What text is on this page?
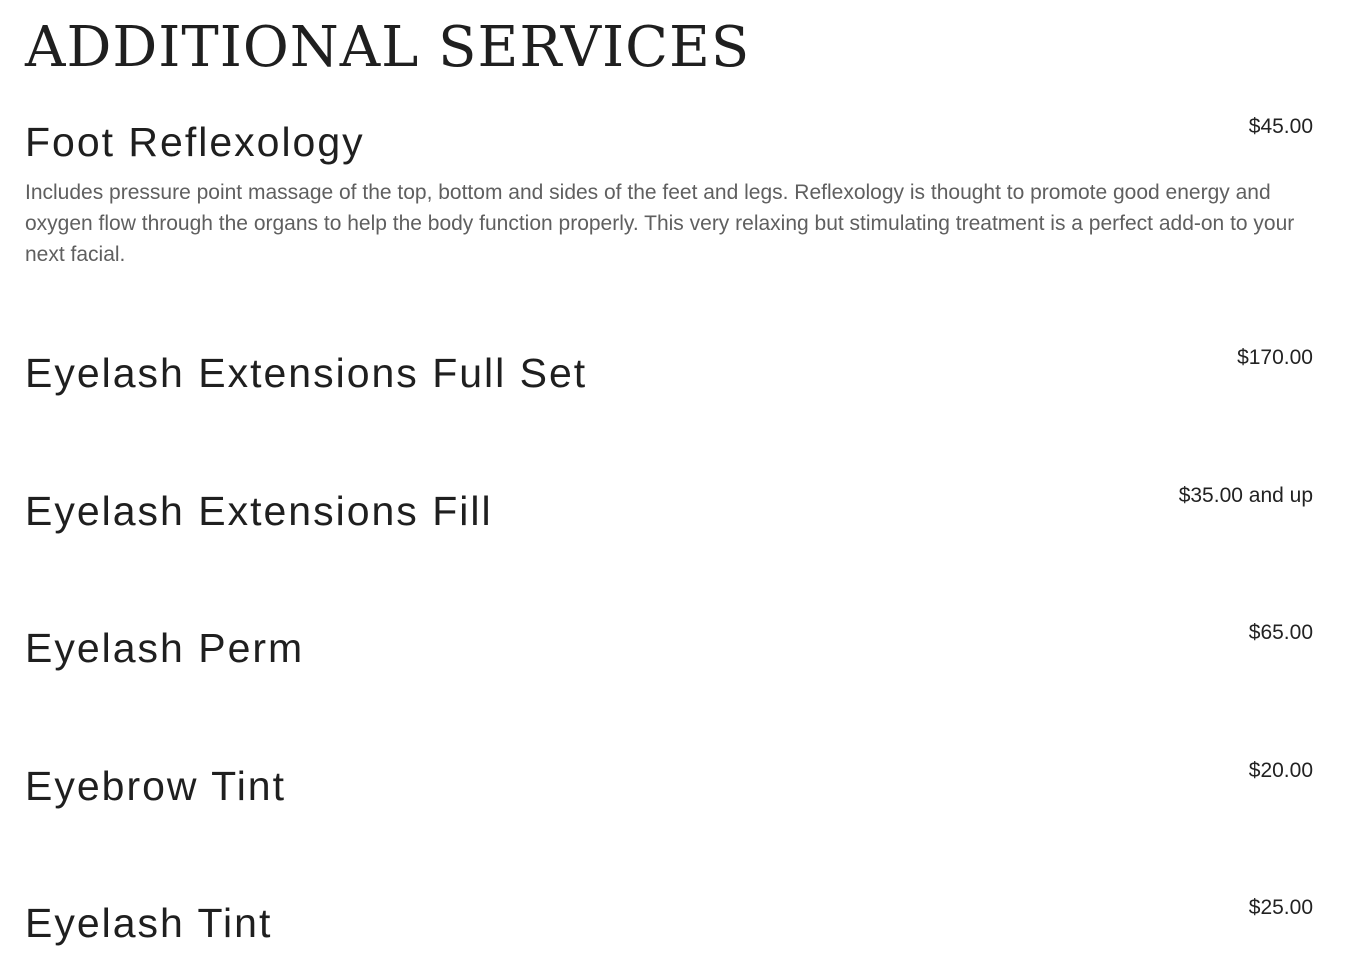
ADDITIONAL SERVICES
Foot Reflexology	$45.00

Includes pressure point massage of the top, bottom and sides of the feet and legs. Reflexology is thought to promote good energy and oxygen flow through the organs to help the body function properly. This very relaxing but stimulating treatment is a perfect add-on to your next facial.

Eyelash Extensions Full Set	$170.00
Eyelash Extensions Fill	$35.00 and up
Eyelash Perm	$65.00
Eyebrow Tint	$20.00
Eyelash Tint	$25.00
